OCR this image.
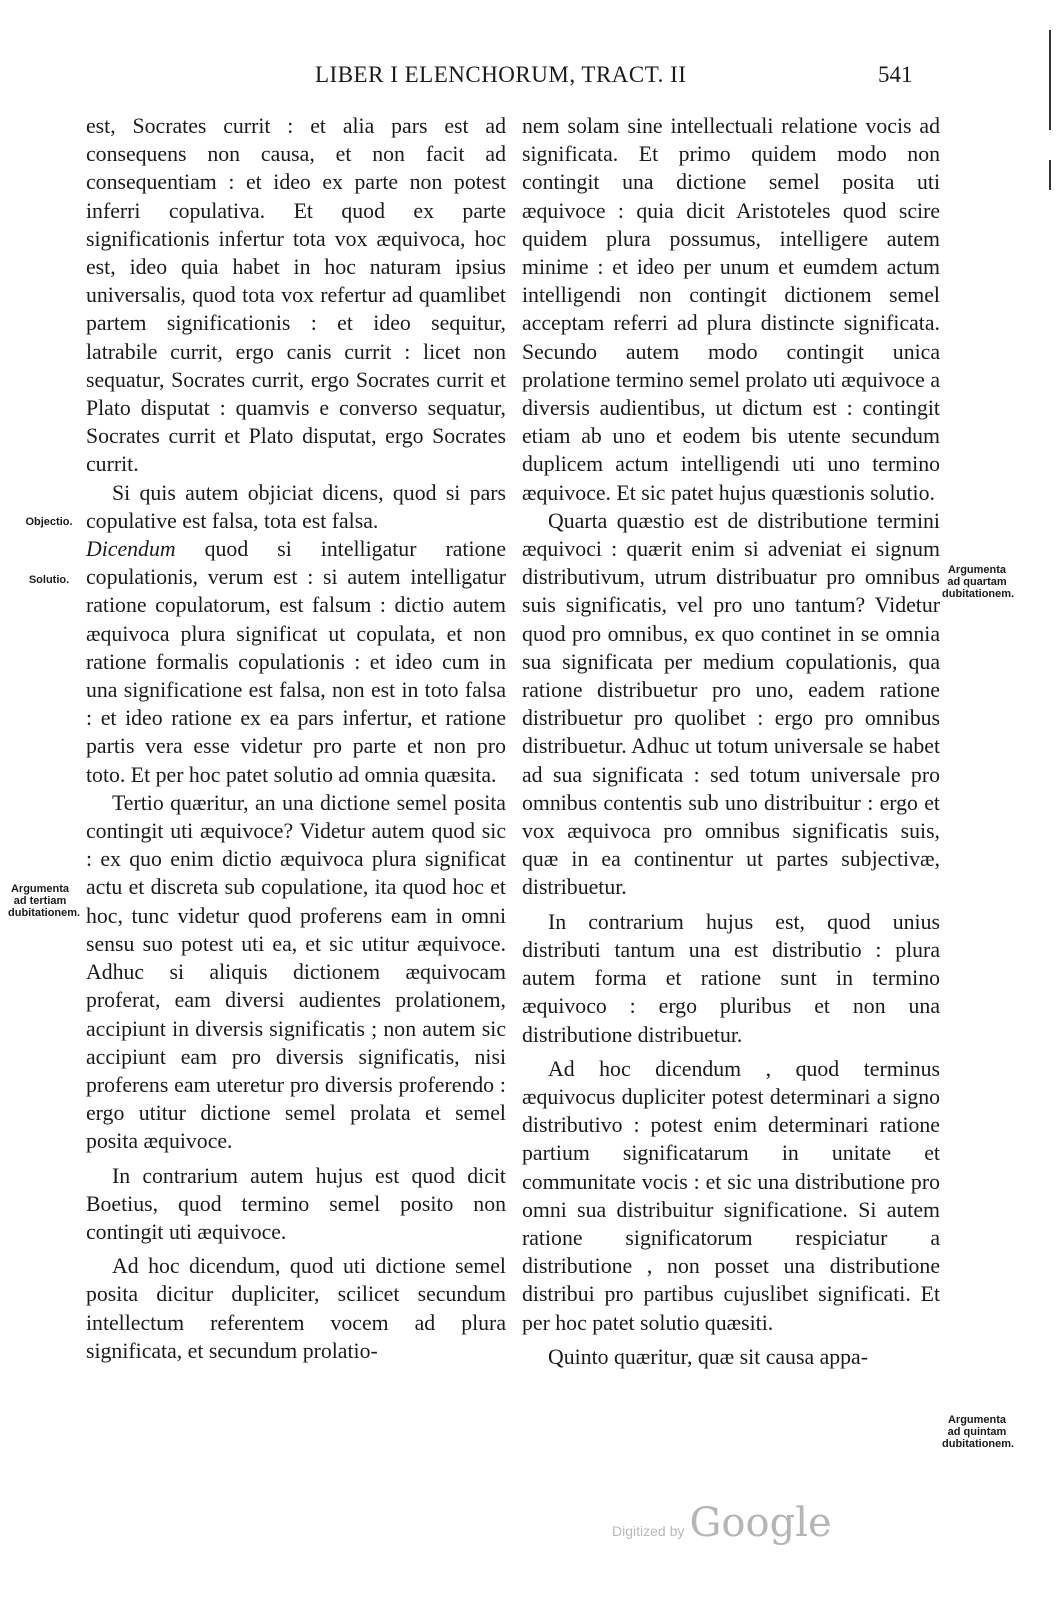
LIBER I ELENCHORUM, TRACT. II	541

est, Socrates currit : et alia pars est ad consequens non causa, et non facit ad consequentiam : et ideo ex parte non potest inferri copulativa. Et quod ex parte significationis infertur tota vox æquivoca, hoc est, ideo quia habet in hoc naturam ipsius universalis, quod tota vox refertur ad quamlibet partem significationis : et ideo sequitur, latrabile currit, ergo canis currit : licet non sequatur, Socrates currit, ergo Socrates currit et Plato disputat : quamvis e converso sequatur, Socrates currit et Plato disputat, ergo Socrates currit.

Si quis autem objiciat dicens, quod si pars copulative est falsa, tota est falsa.

Dicendum quod si intelligatur ratione copulationis, verum est : si autem intelligatur ratione copulatorum, est falsum : dictio autem æquivoca plura significat ut copulata, et non ratione formalis copulationis : et ideo cum in una significatione est falsa, non est in toto falsa : et ideo ratione ex ea pars infertur, et ratione partis vera esse videtur pro parte et non pro toto. Et per hoc patet solutio ad omnia quæsita.

Tertio quæritur, an una dictione semel posita contingit uti æquivoce? Videtur autem quod sic : ex quo enim dictio æquivoca plura significat actu et discreta sub copulatione, ita quod hoc et hoc, tunc videtur quod proferens eam in omni sensu suo potest uti ea, et sic utitur æquivoce. Adhuc si aliquis dictionem æquivocam proferat, eam diversi audientes prolationem, accipiunt in diversis significatis ; non autem sic accipiunt eam pro diversis significatis, nisi proferens eam uteretur pro diversis proferendo : ergo utitur dictione semel prolata et semel posita æquivoce.

In contrarium autem hujus est quod dicit Boetius, quod termino semel posito non contingit uti æquivoce.

Ad hoc dicendum, quod uti dictione semel posita dicitur dupliciter, scilicet secundum intellectum referentem vocem ad plura significata, et secundum prolatio-

nem solam sine intellectuali relatione vocis ad significata. Et primo quidem modo non contingit una dictione semel posita uti æquivoce : quia dicit Aristoteles quod scire quidem plura possumus, intelligere autem minime : et ideo per unum et eumdem actum intelligendi non contingit dictionem semel acceptam referri ad plura distincte significata. Secundo autem modo contingit unica prolatione termino semel prolato uti æquivoce a diversis audientibus, ut dictum est : contingit etiam ab uno et eodem bis utente secundum duplicem actum intelligendi uti uno termino æquivoce. Et sic patet hujus quæstionis solutio.

Quarta quæstio est de distributione termini æquivoci : quærit enim si adveniat ei signum distributivum, utrum distribuatur pro omnibus suis significatis, vel pro uno tantum? Videtur quod pro omnibus, ex quo continet in se omnia sua significata per medium copulationis, qua ratione distribuetur pro uno, eadem ratione distribuetur pro quolibet : ergo pro omnibus distribuetur. Adhuc ut totum universale se habet ad sua significata : sed totum universale pro omnibus contentis sub uno distribuitur : ergo et vox æquivoca pro omnibus significatis suis, quæ in ea continentur ut partes subjectivæ, distribuetur.

In contrarium hujus est, quod unius distributi tantum una est distributio : plura autem forma et ratione sunt in termino æquivoco : ergo pluribus et non una distributione distribuetur.

Ad hoc dicendum , quod terminus æquivocus dupliciter potest determinari a signo distributivo : potest enim determinari ratione partium significatarum in unitate et communitate vocis : et sic una distributione pro omni sua distribuitur significatione. Si autem ratione significatorum respiciatur a distributione , non posset una distributione distribui pro partibus cujuslibet significati. Et per hoc patet solutio quæsiti.

Quinto quæritur, quæ sit causa appa-

Objectio.
Solutio.
Argumenta ad tertiam dubitationem.
Argumenta ad quartam dubitationem.
Argumenta ad quintam dubitationem.
Digitized by Google
